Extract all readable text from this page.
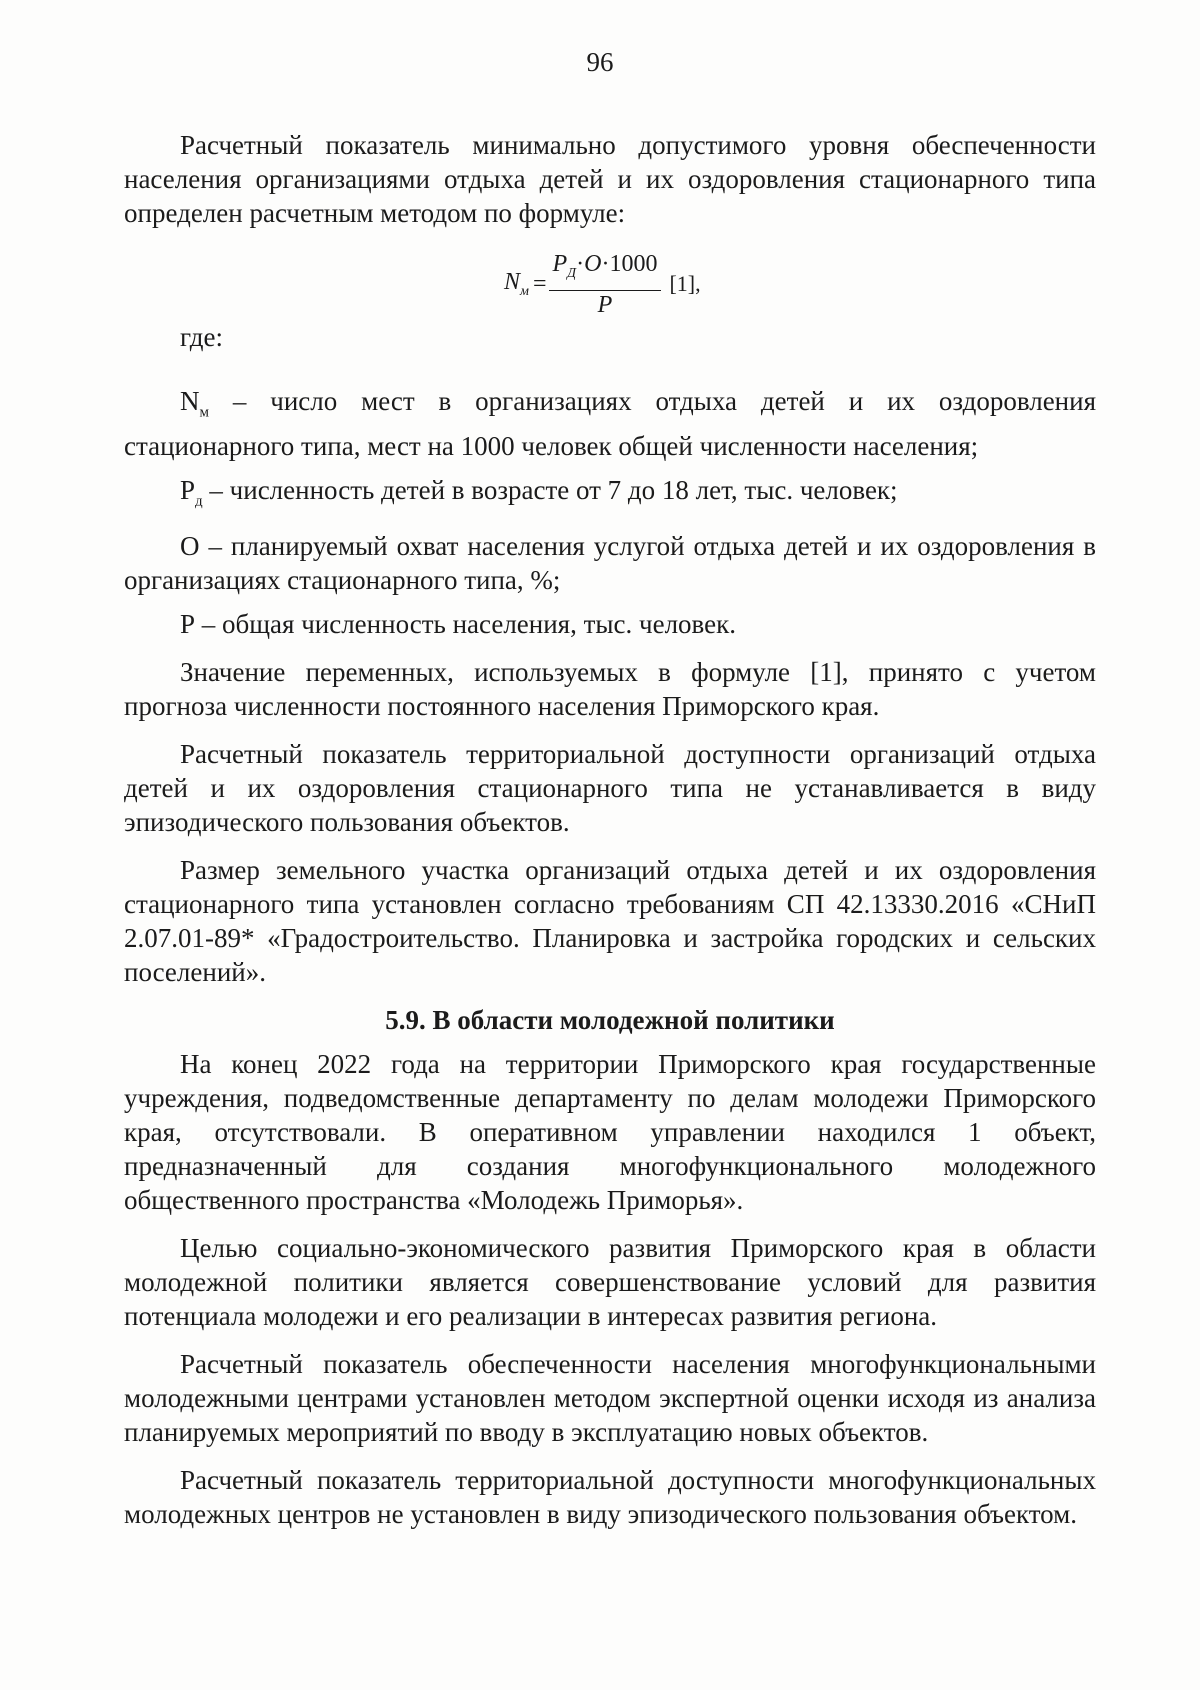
96

Расчетный показатель минимально допустимого уровня обеспеченности населения организациями отдыха детей и их оздоровления стационарного типа определен расчетным методом по формуле:

$N_м = \frac{Р_Д\cdot О\cdot 1000}{Р} [1]$,
где:

$N_м$ – число мест в организациях отдыха детей и их оздоровления стационарного типа, мест на 1000 человек общей численности населения;

$Р_д$ – численность детей в возрасте от 7 до 18 лет, тыс. человек;

О – планируемый охват населения услугой отдыха детей и их оздоровления в организациях стационарного типа, %;

Р – общая численность населения, тыс. человек.

Значение переменных, используемых в формуле [1], принято с учетом прогноза численности постоянного населения Приморского края.

Расчетный показатель территориальной доступности организаций отдыха детей и их оздоровления стационарного типа не устанавливается в виду эпизодического пользования объектов.

Размер земельного участка организаций отдыха детей и их оздоровления стационарного типа установлен согласно требованиям СП 42.13330.2016 «СНиП 2.07.01-89* «Градостроительство. Планировка и застройка городских и сельских поселений».

5.9. В области молодежной политики

На конец 2022 года на территории Приморского края государственные учреждения, подведомственные департаменту по делам молодежи Приморского края, отсутствовали. В оперативном управлении находился 1 объект, предназначенный для создания многофункционального молодежного общественного пространства «Молодежь Приморья».

Целью социально-экономического развития Приморского края в области молодежной политики является совершенствование условий для развития потенциала молодежи и его реализации в интересах развития региона.

Расчетный показатель обеспеченности населения многофункциональными молодежными центрами установлен методом экспертной оценки исходя из анализа планируемых мероприятий по вводу в эксплуатацию новых объектов.

Расчетный показатель территориальной доступности многофункциональных молодежных центров не установлен в виду эпизодического пользования объектом.
